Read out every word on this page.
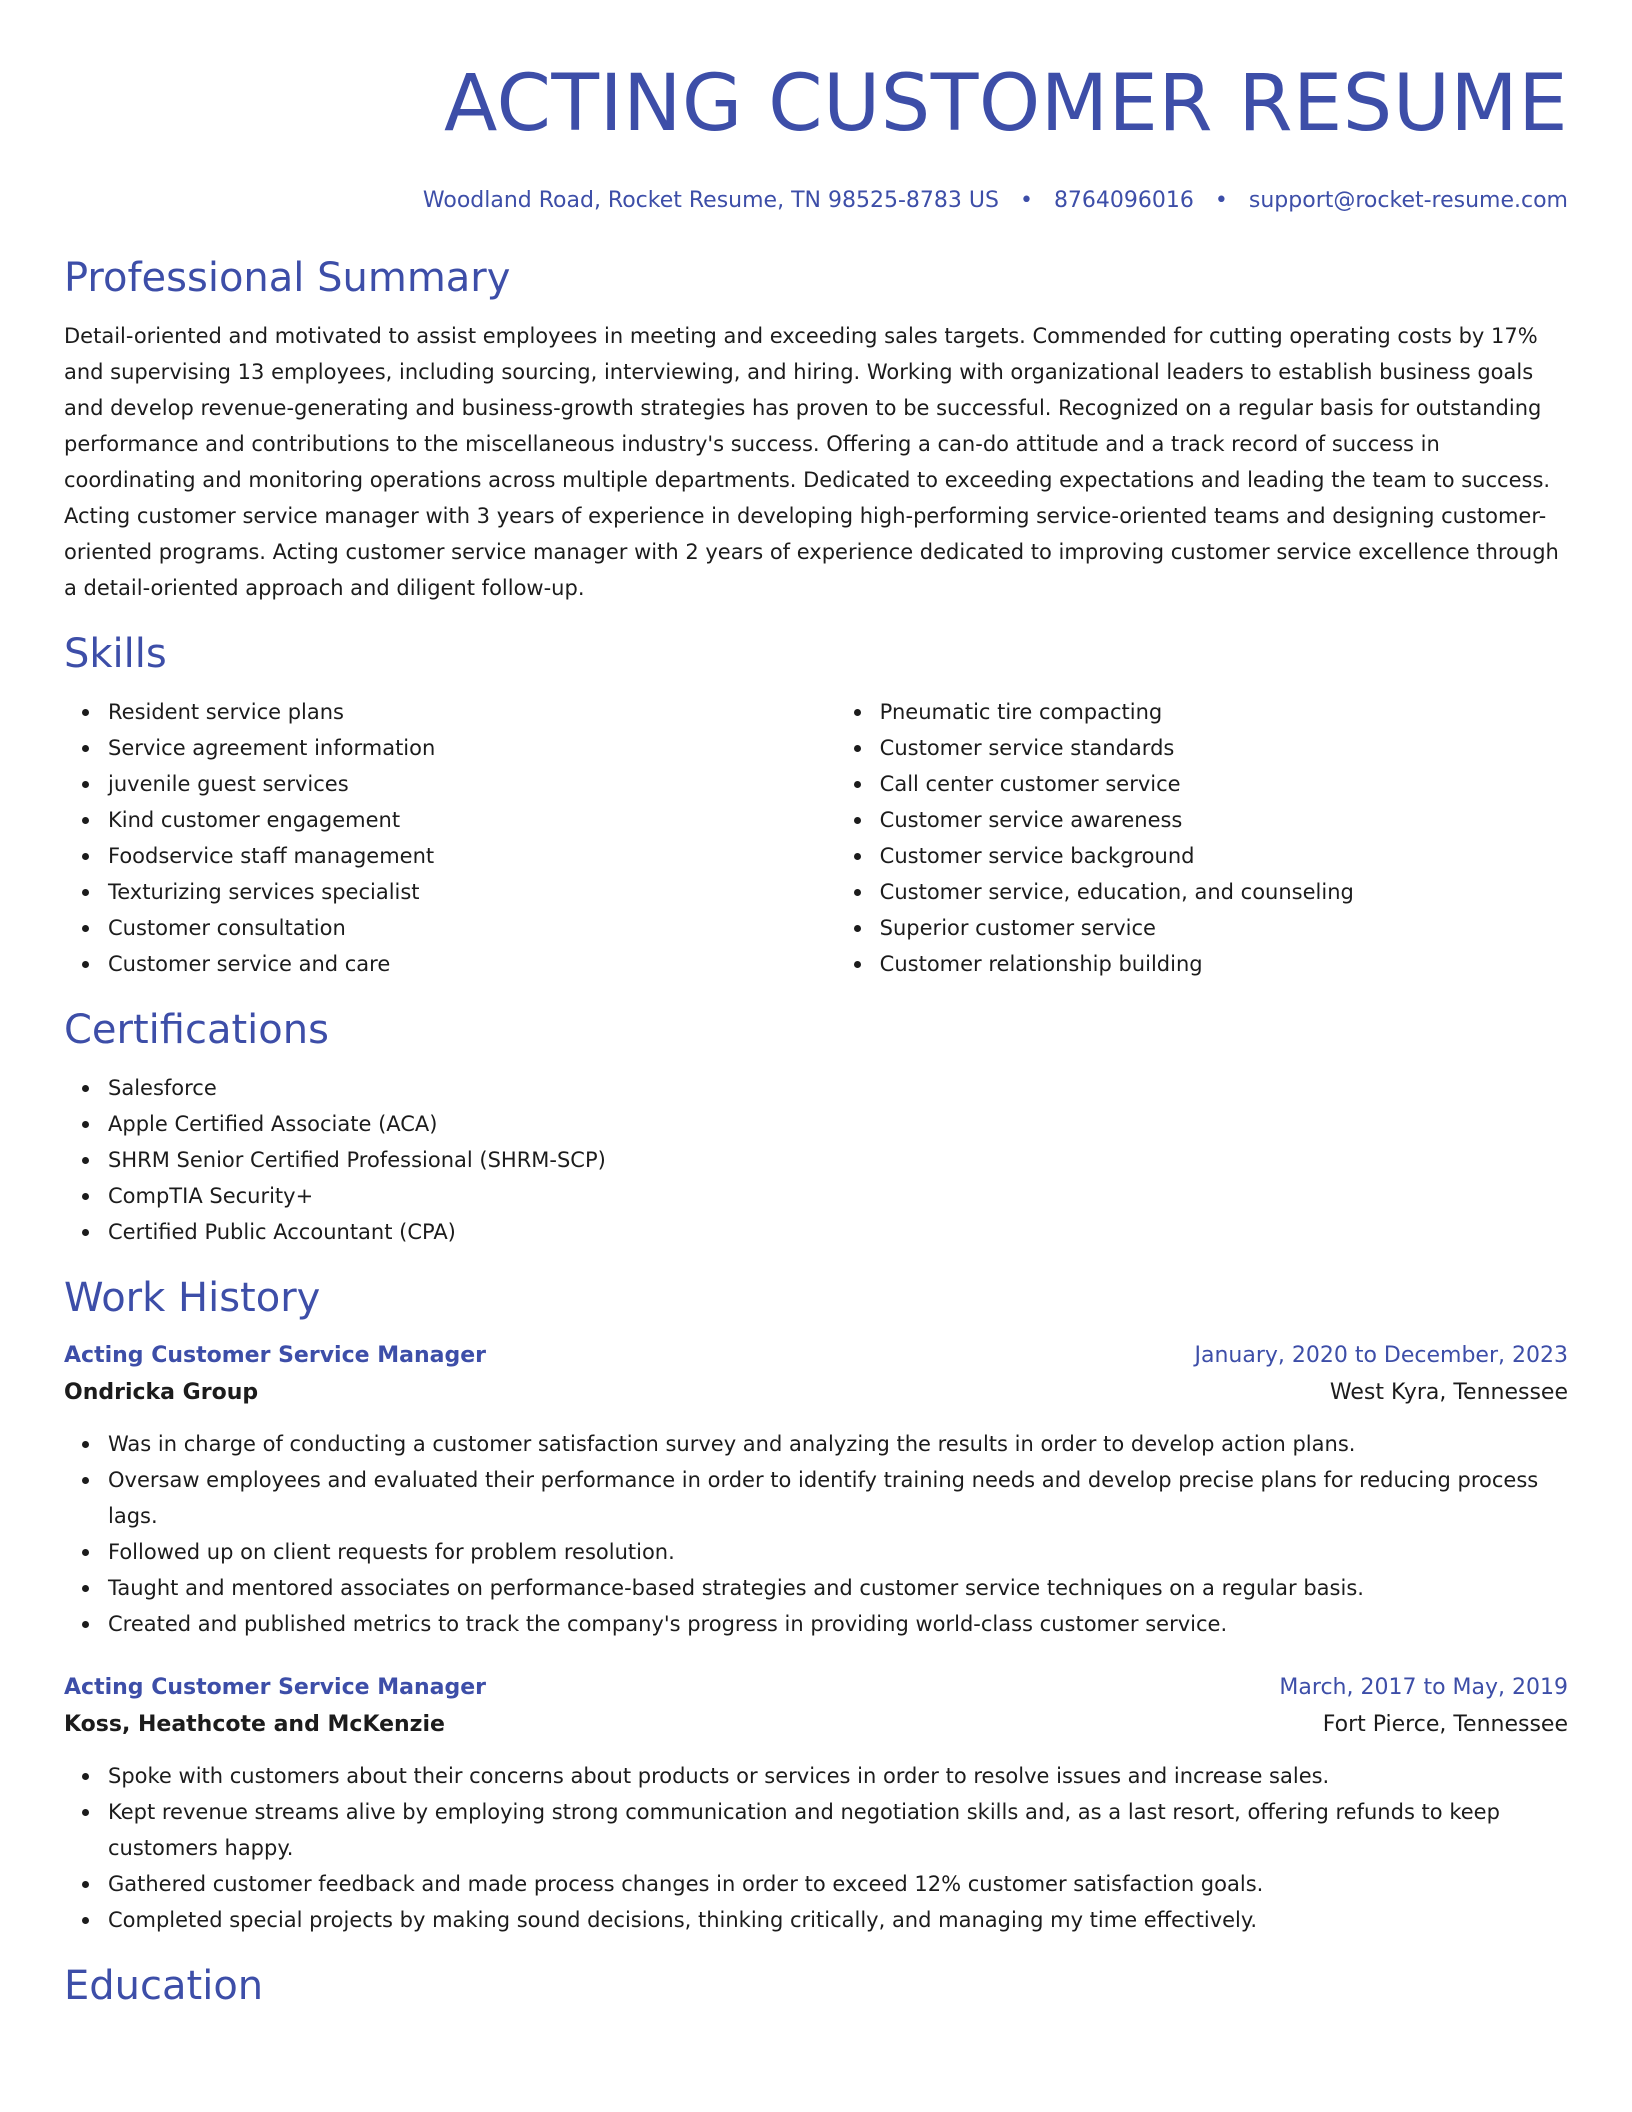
ACTING CUSTOMER RESUME
Woodland Road, Rocket Resume, TN 98525-8783 US • 8764096016 • support@rocket-resume.com
Professional Summary

Detail-oriented and motivated to assist employees in meeting and exceeding sales targets. Commended for cutting operating costs by 17% and supervising 13 employees, including sourcing, interviewing, and hiring. Working with organizational leaders to establish business goals and develop revenue-generating and business-growth strategies has proven to be successful. Recognized on a regular basis for outstanding performance and contributions to the miscellaneous industry's success. Offering a can-do attitude and a track record of success in coordinating and monitoring operations across multiple departments. Dedicated to exceeding expectations and leading the team to success. Acting customer service manager with 3 years of experience in developing high-performing service-oriented teams and designing customer-oriented programs. Acting customer service manager with 2 years of experience dedicated to improving customer service excellence through a detail-oriented approach and diligent follow-up.

Skills
Resident service plans
Service agreement information
juvenile guest services
Kind customer engagement
Foodservice staff management
Texturizing services specialist
Customer consultation
Customer service and care
Pneumatic tire compacting
Customer service standards
Call center customer service
Customer service awareness
Customer service background
Customer service, education, and counseling
Superior customer service
Customer relationship building
Certifications
Salesforce
Apple Certified Associate (ACA)
SHRM Senior Certified Professional (SHRM-SCP)
CompTIA Security+
Certified Public Accountant (CPA)
Work History
Acting Customer Service Manager	January, 2020 to December, 2023
Ondricka Group	West Kyra, Tennessee
Was in charge of conducting a customer satisfaction survey and analyzing the results in order to develop action plans.
Oversaw employees and evaluated their performance in order to identify training needs and develop precise plans for reducing process lags.
Followed up on client requests for problem resolution.
Taught and mentored associates on performance-based strategies and customer service techniques on a regular basis.
Created and published metrics to track the company's progress in providing world-class customer service.
Acting Customer Service Manager	March, 2017 to May, 2019
Koss, Heathcote and McKenzie	Fort Pierce, Tennessee
Spoke with customers about their concerns about products or services in order to resolve issues and increase sales.
Kept revenue streams alive by employing strong communication and negotiation skills and, as a last resort, offering refunds to keep customers happy.
Gathered customer feedback and made process changes in order to exceed 12% customer satisfaction goals.
Completed special projects by making sound decisions, thinking critically, and managing my time effectively.
Education
